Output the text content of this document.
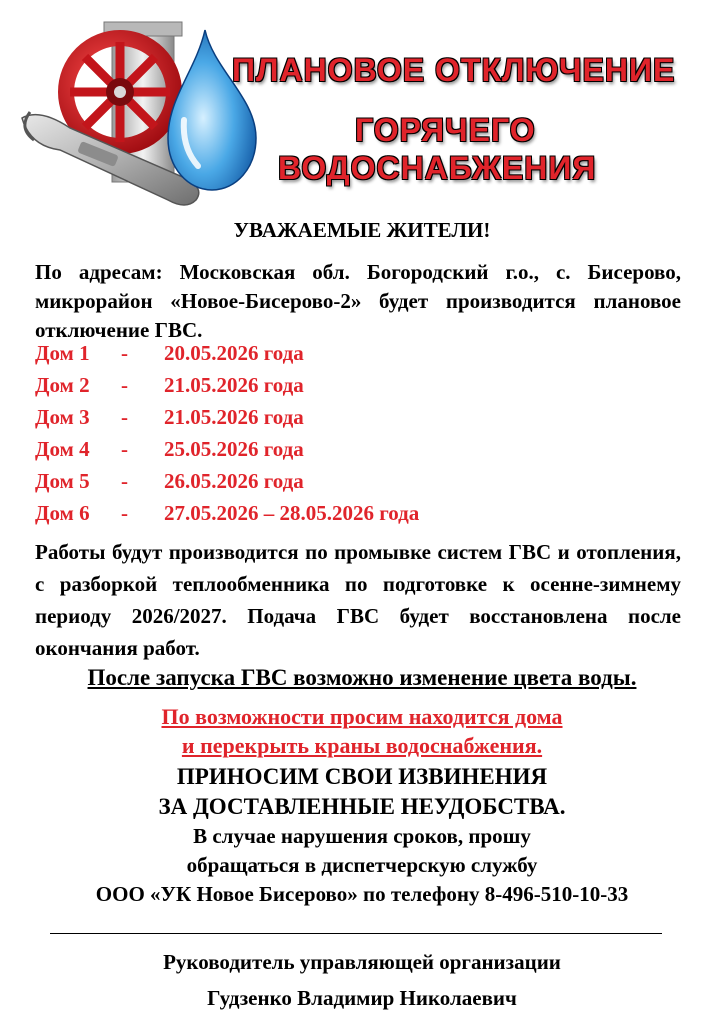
ПЛАНОВОЕ ОТКЛЮЧЕНИЕ
ГОРЯЧЕГО
ВОДОСНАБЖЕНИЯ
УВАЖАЕМЫЕ ЖИТЕЛИ!
По адресам: Московская обл. Богородский г.о., с. Бисерово, микрорайон «Новое-Бисерово-2» будет производится плановое отключение ГВС.
Дом 1 - 20.05.2026 года
Дом 2 - 21.05.2026 года
Дом 3 - 21.05.2026 года
Дом 4 - 25.05.2026 года
Дом 5 - 26.05.2026 года
Дом 6 - 27.05.2026 – 28.05.2026 года
Работы будут производится по промывке систем ГВС и отопления, с разборкой теплообменника по подготовке к осенне-зимнему периоду 2026/2027. Подача ГВС будет восстановлена после окончания работ.
После запуска ГВС возможно изменение цвета воды.
По возможности просим находится дома
и перекрыть краны водоснабжения.
ПРИНОСИМ СВОИ ИЗВИНЕНИЯ
ЗА ДОСТАВЛЕННЫЕ НЕУДОБСТВА.
В случае нарушения сроков, прошу
обращаться в диспетчерскую службу
ООО «УК Новое Бисерово» по телефону 8-496-510-10-33
Руководитель управляющей организации
Гудзенко Владимир Николаевич
